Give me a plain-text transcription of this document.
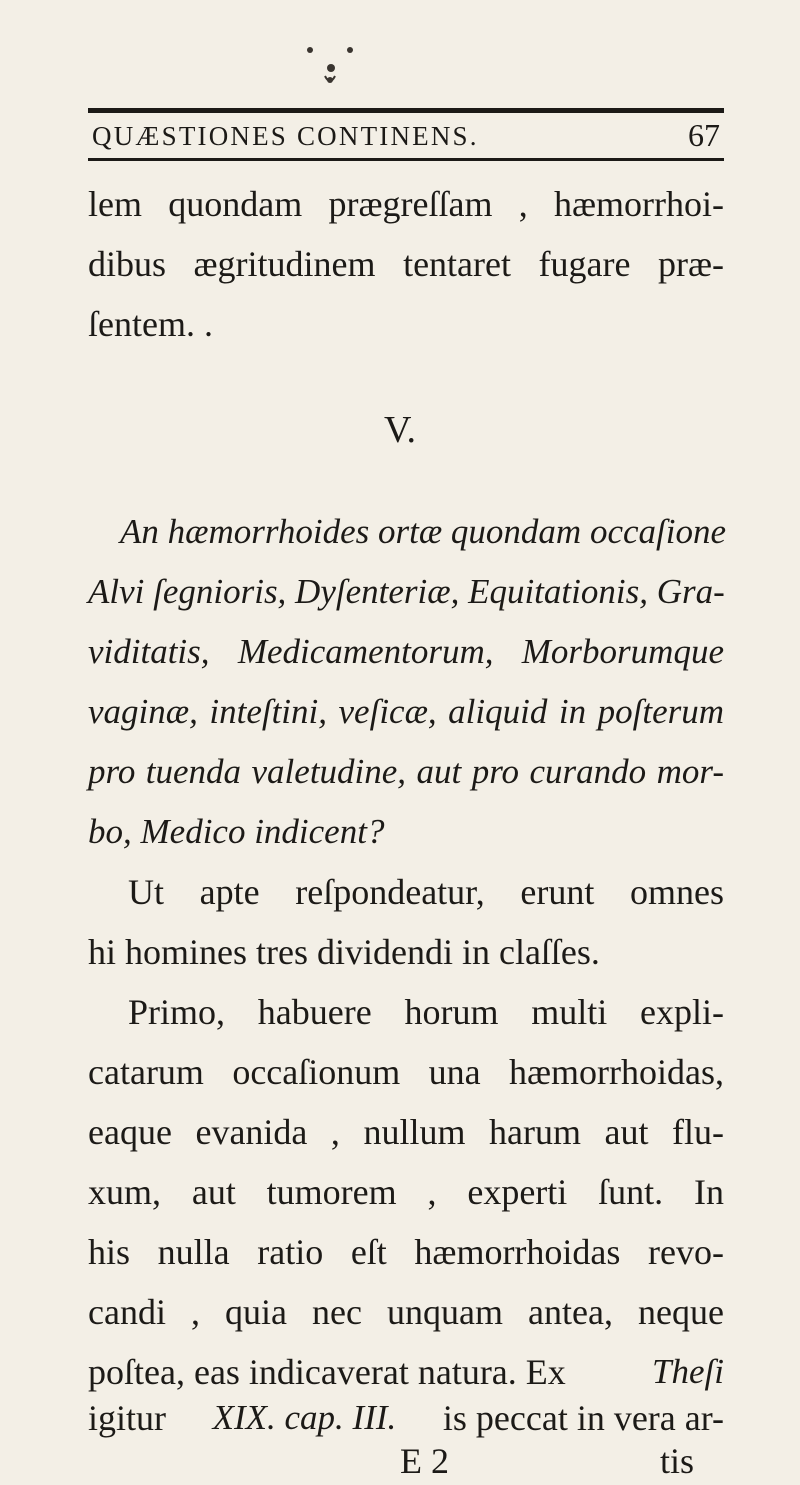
QUÆSTIONES CONTINENS.	67
lem quondam prægreſſam , hæmorrhoi-
dibus ægritudinem tentaret fugare præ-
ſentem. .
V.
An hæmorrhoides ortæ quondam occaſione
Alvi ſegnioris, Dyſenteriæ, Equitationis, Gra-
viditatis, Medicamentorum, Morborumque
vaginæ, inteſtini, veſicæ, aliquid in poſterum
pro tuenda valetudine, aut pro curando mor-
bo, Medico indicent?
Ut apte reſpondeatur, erunt omnes
hi homines tres dividendi in claſſes.
Primo, habuere horum multi expli-
catarum occaſionum una hæmorrhoidas,
eaque evanida , nullum harum aut flu-
xum, aut tumorem , experti ſunt. In
his nulla ratio eſt hæmorrhoidas revo-
candi , quia nec unquam antea, neque
poſtea, eas indicaverat natura. Ex Theſi
igitur XIX. cap. III. is peccat in vera ar-
E 2	tis
